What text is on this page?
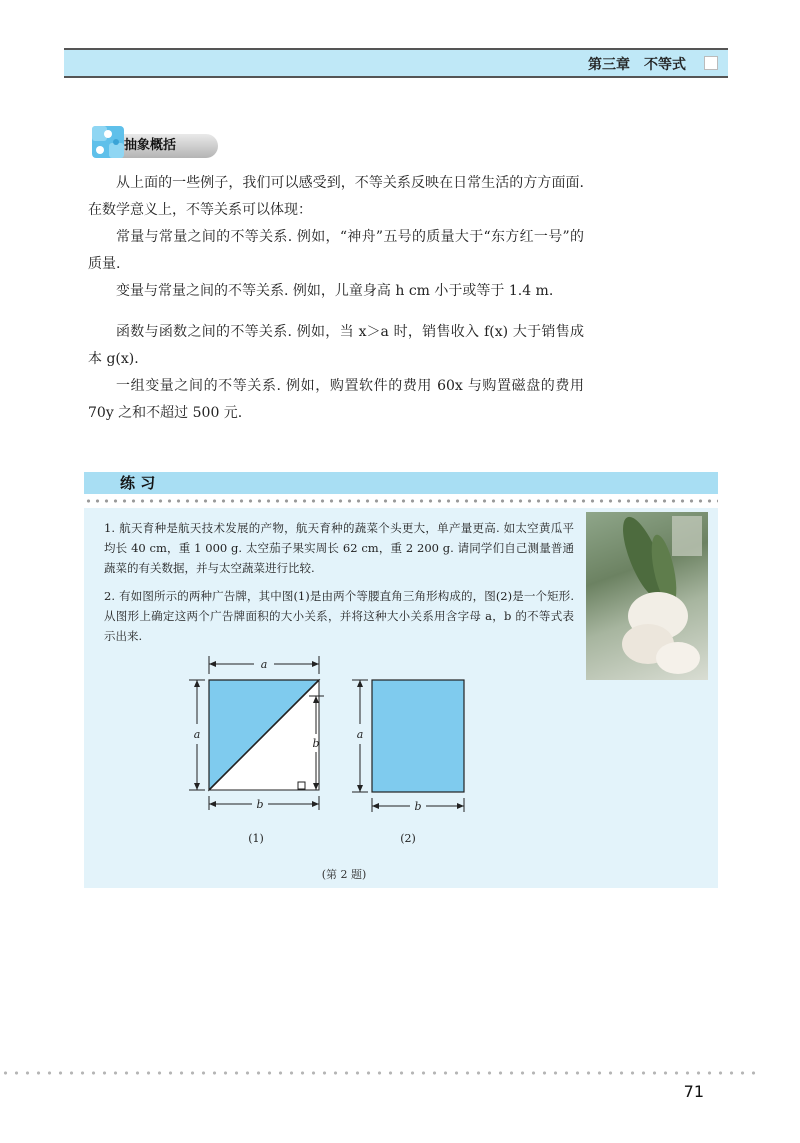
第三章　不等式
抽象概括

从上面的一些例子，我们可以感受到，不等关系反映在日常生活的方方面面. 在数学意义上，不等关系可以体现：

常量与常量之间的不等关系. 例如，“神舟”五号的质量大于“东方红一号”的质量.

变量与常量之间的不等关系. 例如，儿童身高 h cm 小于或等于 1.4 m.

函数与函数之间的不等关系. 例如，当 x＞a 时，销售收入 f(x) 大于销售成本 g(x).

一组变量之间的不等关系. 例如，购置软件的费用 60x 与购置磁盘的费用 70y 之和不超过 500 元.

练 习

1. 航天育种是航天技术发展的产物，航天育种的蔬菜个头更大，单产量更高. 如太空黄瓜平均长 40 cm，重 1 000 g. 太空茄子果实周长 62 cm，重 2 200 g. 请同学们自己测量普通蔬菜的有关数据，并与太空蔬菜进行比较.

2. 有如图所示的两种广告牌，其中图(1)是由两个等腰直角三角形构成的，图(2)是一个矩形. 从图形上确定这两个广告牌面积的大小关系，并将这种大小关系用含字母 a，b 的不等式表示出来.

a
a
b
b
(1)
a
b
(2)
(第 2 题)
71
